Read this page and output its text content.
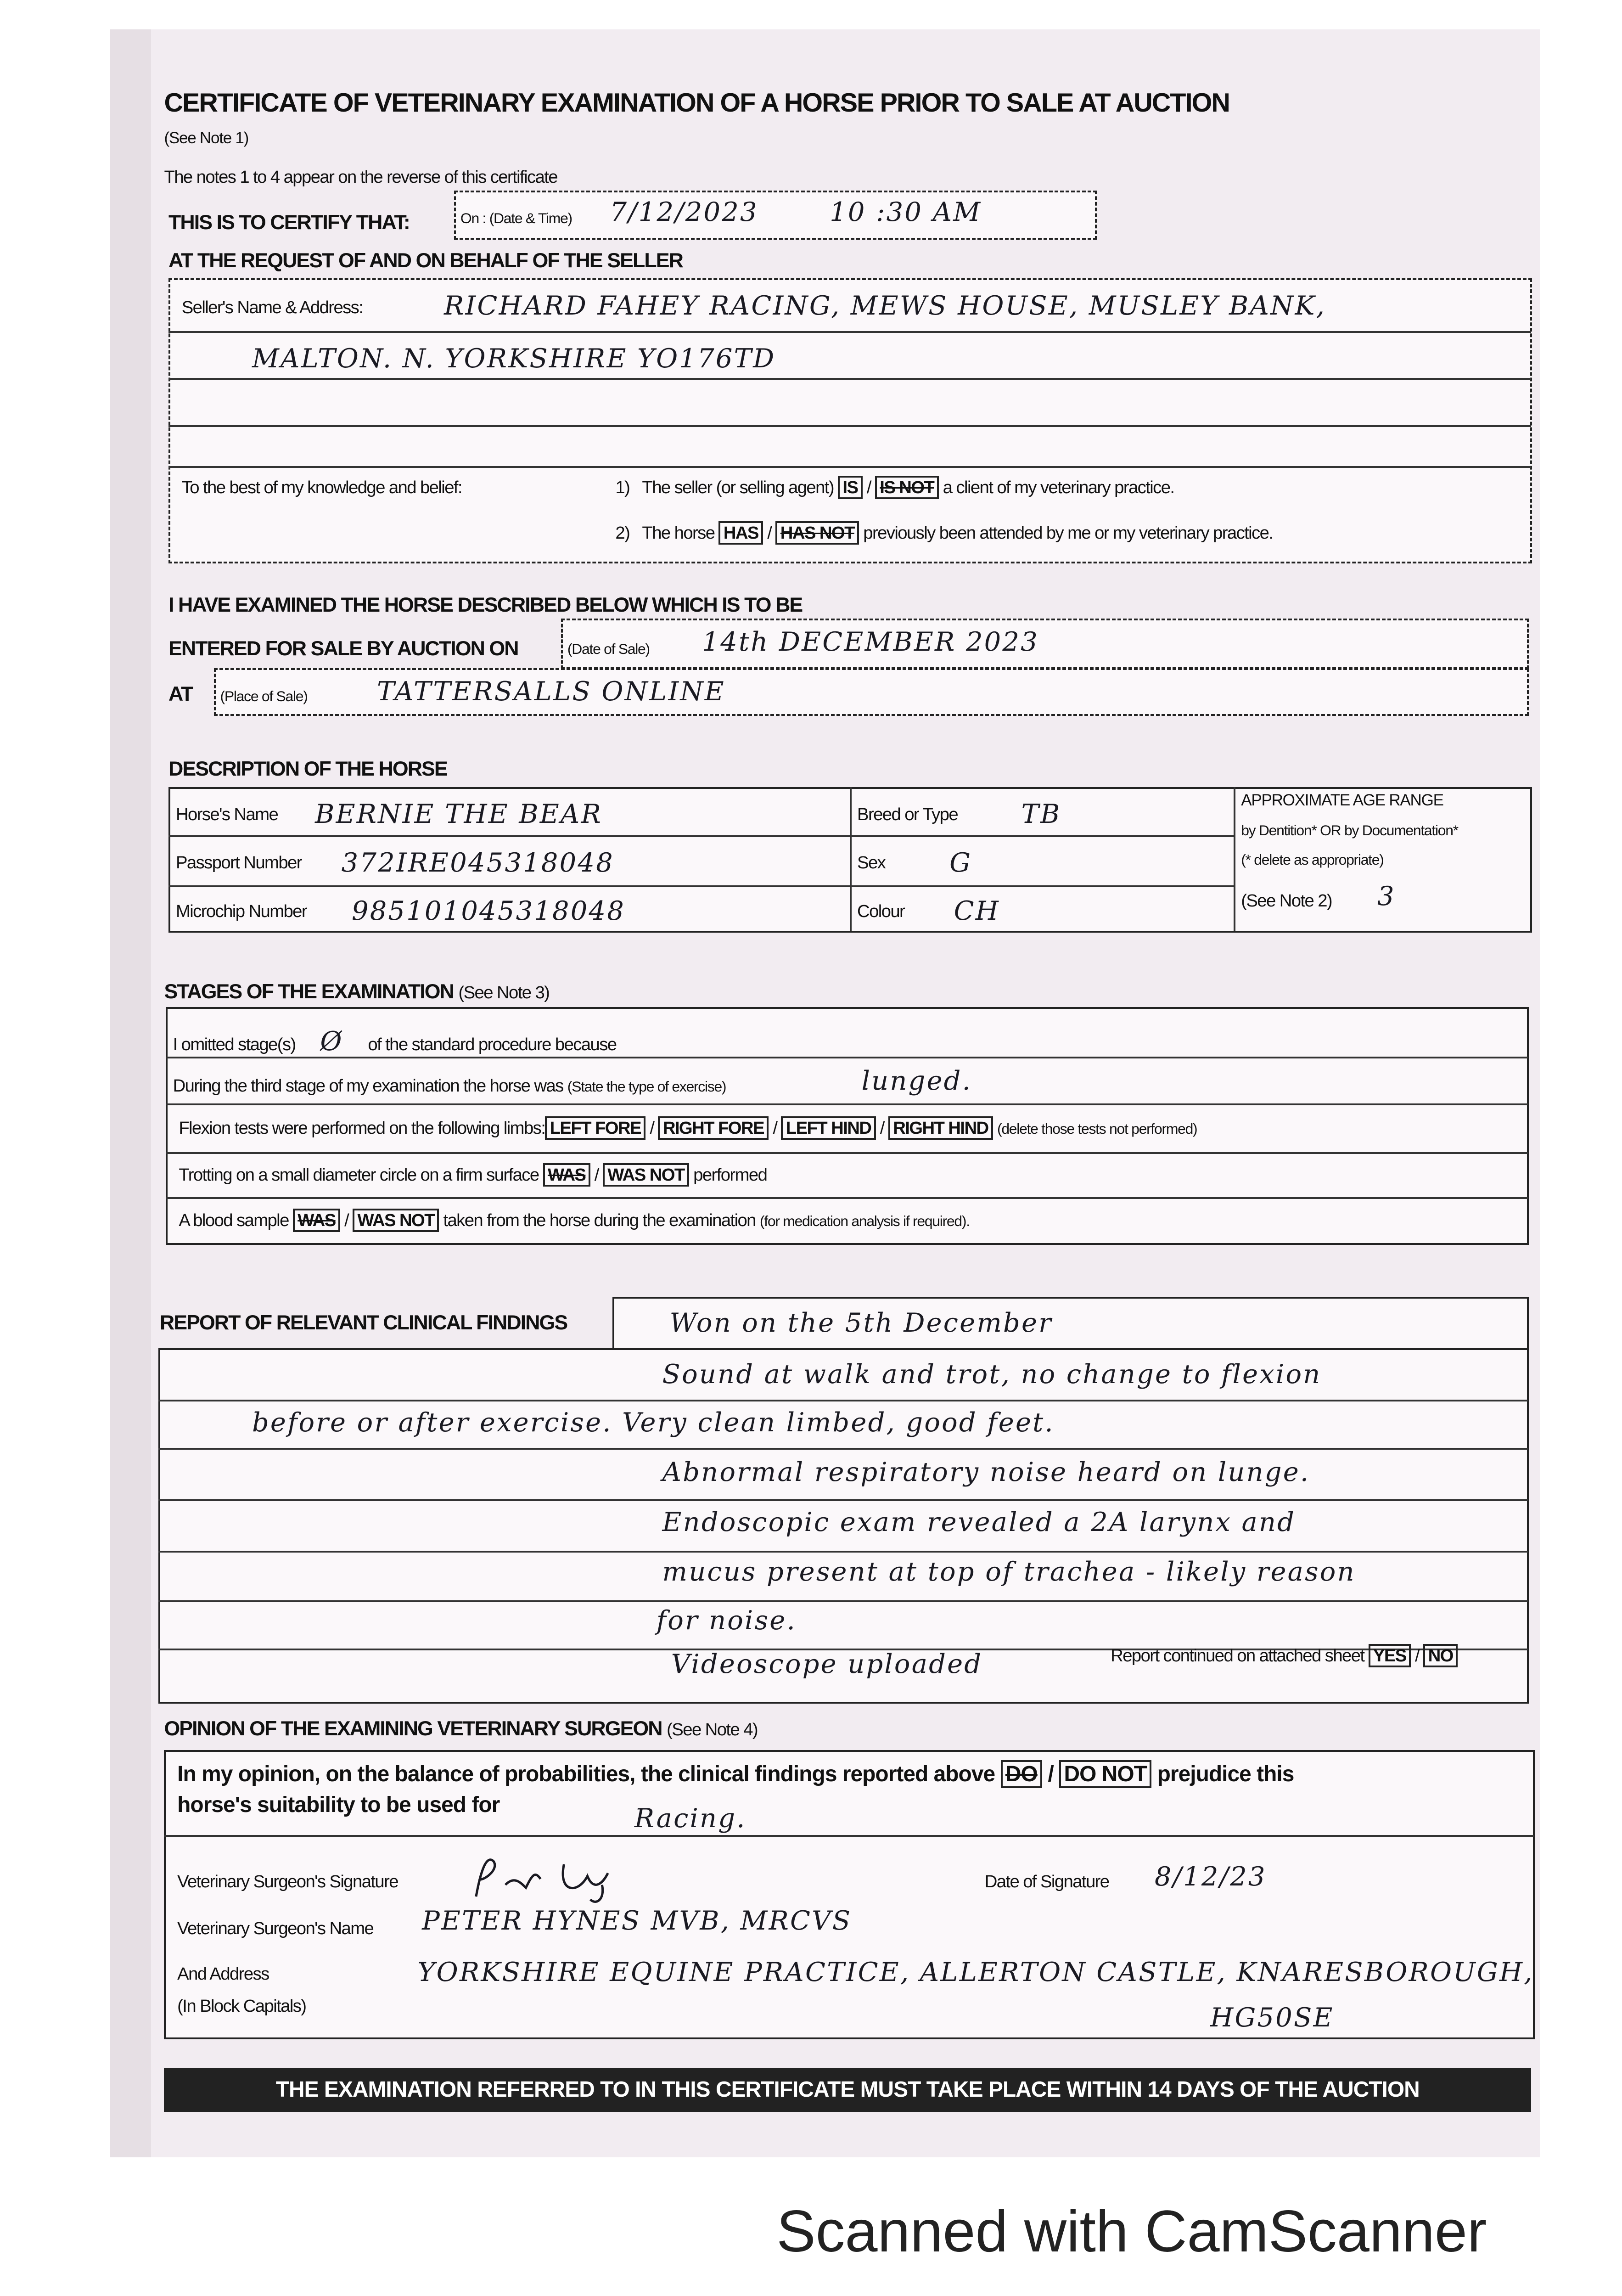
CERTIFICATE OF VETERINARY EXAMINATION OF A HORSE PRIOR TO SALE AT AUCTION
(See Note 1)
The notes 1 to 4 appear on the reverse of this certificate
THIS IS TO CERTIFY THAT:	On : (Date & Time)	7/12/2023	10 :30 AM
AT THE REQUEST OF AND ON BEHALF OF THE SELLER
Seller's Name & Address:	RICHARD FAHEY RACING, MEWS HOUSE, MUSLEY BANK,
MALTON. N. YORKSHIRE YO176TD
To the best of my knowledge and belief:	1) The seller (or selling agent) IS / IS NOT a client of my veterinary practice.
2) The horse HAS / HAS NOT previously been attended by me or my veterinary practice.
I HAVE EXAMINED THE HORSE DESCRIBED BELOW WHICH IS TO BE
ENTERED FOR SALE BY AUCTION ON	(Date of Sale)	14th DECEMBER 2023
AT	(Place of Sale)	TATTERSALLS ONLINE
DESCRIPTION OF THE HORSE
Horse's Name	BERNIE THE BEAR
Passport Number	372IRE045318048
Microchip Number	985101045318048
Breed or Type	TB
Sex	G
Colour	CH
APPROXIMATE AGE RANGE
by Dentition* OR by Documentation*
(* delete as appropriate)
(See Note 2)	3
STAGES OF THE EXAMINATION (See Note 3)
I omitted stage(s)	Ø	of the standard procedure because
During the third stage of my examination the horse was (State the type of exercise)	lunged.
Flexion tests were performed on the following limbs: LEFT FORE / RIGHT FORE / LEFT HIND / RIGHT HIND (delete those tests not performed)
Trotting on a small diameter circle on a firm surface WAS / WAS NOT performed
A blood sample WAS / WAS NOT taken from the horse during the examination (for medication analysis if required).
REPORT OF RELEVANT CLINICAL FINDINGS	Won on the 5th December
Sound at walk and trot, no change to flexion
before or after exercise. Very clean limbed, good feet.
Abnormal respiratory noise heard on lunge.
Endoscopic exam revealed a 2A larynx and
mucus present at top of trachea - likely reason
for noise.
Videoscope uploaded	Report continued on attached sheet YES / NO
OPINION OF THE EXAMINING VETERINARY SURGEON (See Note 4)
In my opinion, on the balance of probabilities, the clinical findings reported above DO / DO NOT prejudice this
horse's suitability to be used for	Racing.
Veterinary Surgeon's Signature	Date of Signature	8/12/23
Veterinary Surgeon's Name	PETER HYNES MVB, MRCVS
And Address
(In Block Capitals)
YORKSHIRE EQUINE PRACTICE, ALLERTON CASTLE, KNARESBOROUGH,
HG50SE
THE EXAMINATION REFERRED TO IN THIS CERTIFICATE MUST TAKE PLACE WITHIN 14 DAYS OF THE AUCTION
Scanned with CamScanner
